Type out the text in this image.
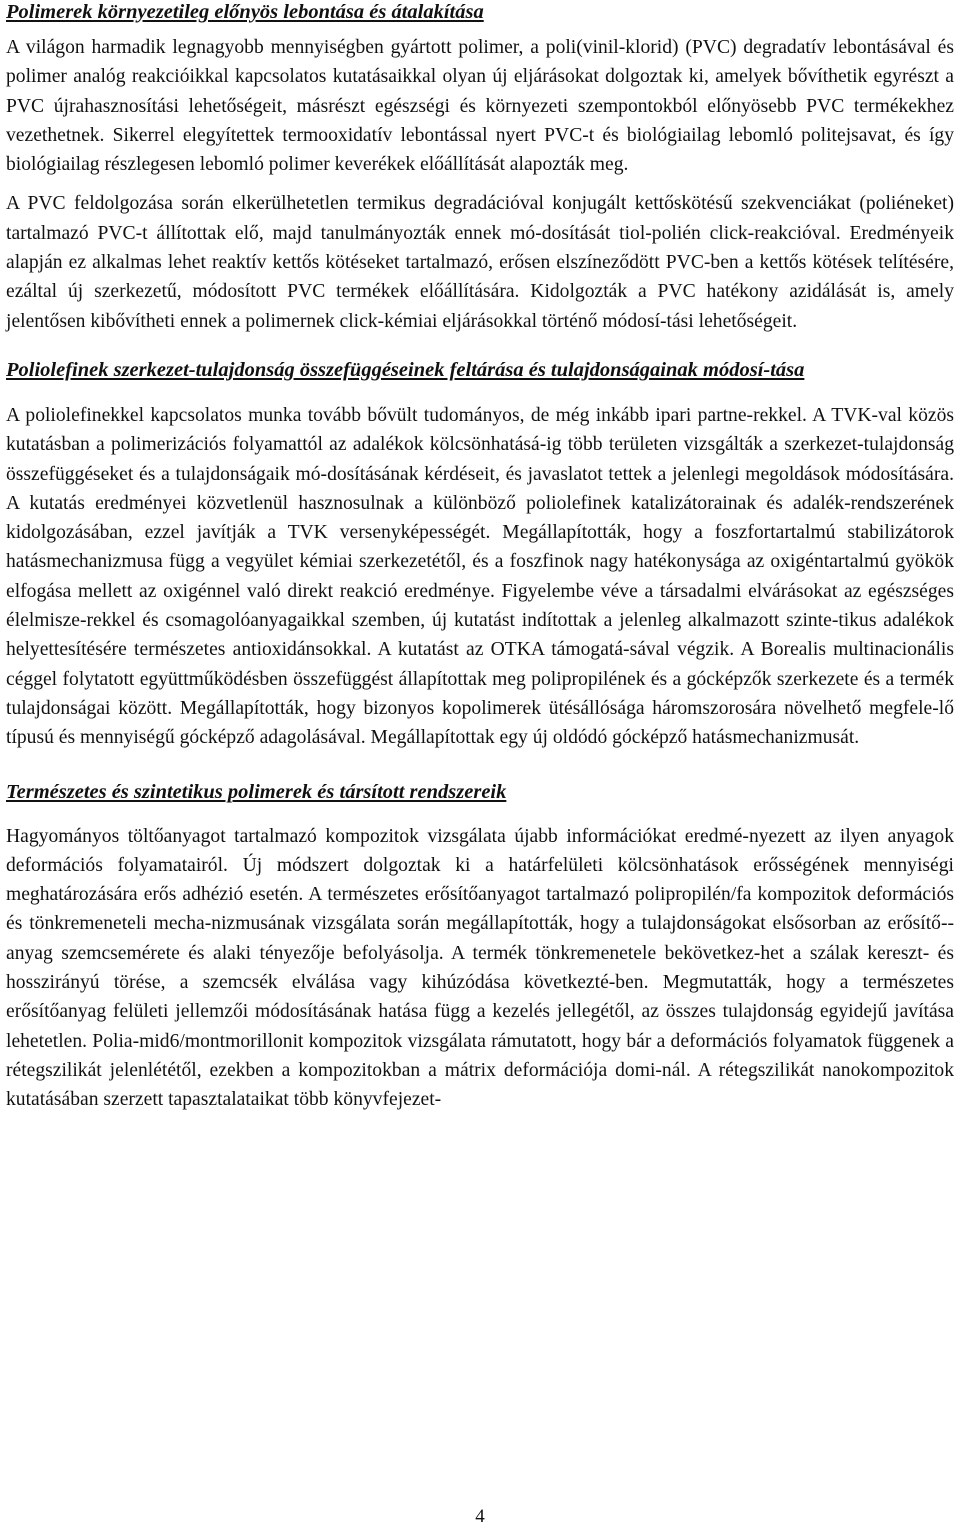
Polimerek környezetileg előnyös lebontása és átalakítása

A világon harmadik legnagyobb mennyiségben gyártott polimer, a poli(vinil-klorid) (PVC) degradatív lebontásával és polimer analóg reakcióikkal kapcsolatos kutatásaikkal olyan új eljárásokat dolgoztak ki, amelyek bővíthetik egyrészt a PVC újrahasznosítási lehetőségeit, másrészt egészségi és környezeti szempontokból előnyösebb PVC termékekhez vezethetnek. Sikerrel elegyítettek termooxidatív lebontással nyert PVC-t és biológiailag lebomló politejsavat, és így biológiailag részlegesen lebomló polimer keverékek előállítását alapozták meg.

A PVC feldolgozása során elkerülhetetlen termikus degradációval konjugált kettőskötésű szekvenciákat (poliéneket) tartalmazó PVC-t állítottak elő, majd tanulmányozták ennek mó-dosítását tiol-polién click-reakcióval. Eredményeik alapján ez alkalmas lehet reaktív kettős kötéseket tartalmazó, erősen elszíneződött PVC-ben a kettős kötések telítésére, ezáltal új szerkezetű, módosított PVC termékek előállítására. Kidolgozták a PVC hatékony azidálását is, amely jelentősen kibővítheti ennek a polimernek click-kémiai eljárásokkal történő módosí-tási lehetőségeit.

Poliolefinek szerkezet-tulajdonság összefüggéseinek feltárása és tulajdonságainak módosí-tása

A poliolefinekkel kapcsolatos munka tovább bővült tudományos, de még inkább ipari partne-rekkel. A TVK-val közös kutatásban a polimerizációs folyamattól az adalékok kölcsönhatásá-ig több területen vizsgálták a szerkezet-tulajdonság összefüggéseket és a tulajdonságaik mó-dosításának kérdéseit, és javaslatot tettek a jelenlegi megoldások módosítására. A kutatás eredményei közvetlenül hasznosulnak a különböző poliolefinek katalizátorainak és adalék-rendszerének kidolgozásában, ezzel javítják a TVK versenyképességét. Megállapították, hogy a foszfortartalmú stabilizátorok hatásmechanizmusa függ a vegyület kémiai szerkezetétől, és a foszfinok nagy hatékonysága az oxigéntartalmú gyökök elfogása mellett az oxigénnel való direkt reakció eredménye. Figyelembe véve a társadalmi elvárásokat az egészséges élelmisze-rekkel és csomagolóanyagaikkal szemben, új kutatást indítottak a jelenleg alkalmazott szinte-tikus adalékok helyettesítésére természetes antioxidánsokkal. A kutatást az OTKA támogatá-sával végzik. A Borealis multinacionális céggel folytatott együttműködésben összefüggést állapítottak meg polipropilének és a gócképzők szerkezete és a termék tulajdonságai között. Megállapították, hogy bizonyos kopolimerek ütésállósága háromszorosára növelhető megfele-lő típusú és mennyiségű gócképző adagolásával. Megállapítottak egy új oldódó gócképző hatásmechanizmusát.

Természetes és szintetikus polimerek és társított rendszereik

Hagyományos töltőanyagot tartalmazó kompozitok vizsgálata újabb információkat eredmé-nyezett az ilyen anyagok deformációs folyamatairól. Új módszert dolgoztak ki a határfelületi kölcsönhatások erősségének mennyiségi meghatározására erős adhézió esetén. A természetes erősítőanyagot tartalmazó polipropilén/fa kompozitok deformációs és tönkremeneteli mecha-nizmusának vizsgálata során megállapították, hogy a tulajdonságokat elsősorban az erősítő-anyag szemcsemérete és alaki tényezője befolyásolja. A termék tönkremenetele bekövetkez-het a szálak kereszt- és hosszirányú törése, a szemcsék elválása vagy kihúzódása következté-ben. Megmutatták, hogy a természetes erősítőanyag felületi jellemzői módosításának hatása függ a kezelés jellegétől, az összes tulajdonság egyidejű javítása lehetetlen. Polia-mid6/montmorillonit kompozitok vizsgálata rámutatott, hogy bár a deformációs folyamatok függenek a rétegszilikát jelenlététől, ezekben a kompozitokban a mátrix deformációja domi-nál. A rétegszilikát nanokompozitok kutatásában szerzett tapasztalataikat több könyvfejezet-

4
